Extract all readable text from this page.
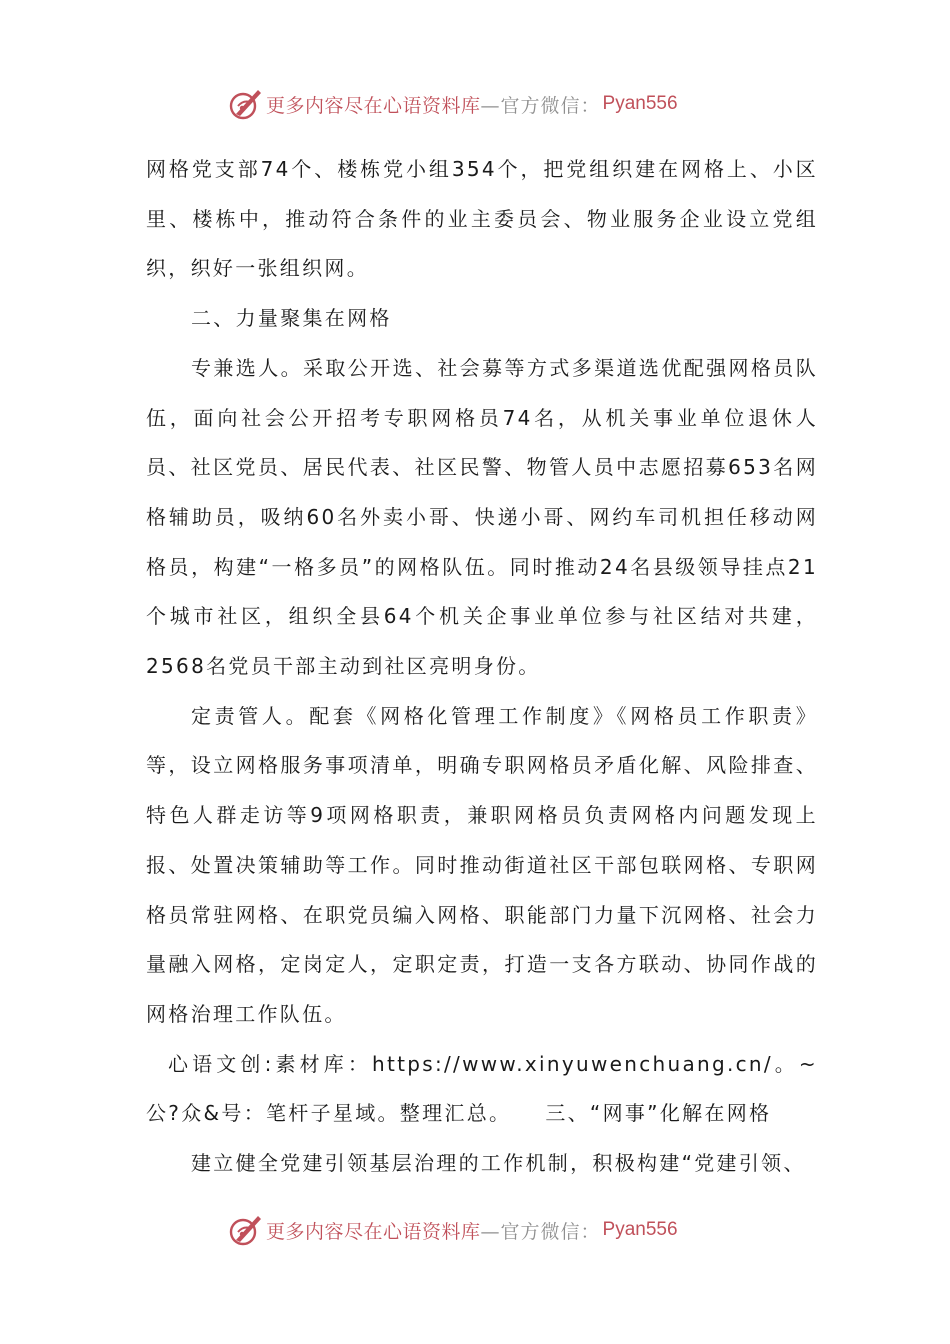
更多内容尽在心语资料库 —官方微信： Pyan556

网格党支部74个、楼栋党小组354个，把党组织建在网格上、小区里、楼栋中，推动符合条件的业主委员会、物业服务企业设立党组织，织好一张组织网。

二、力量聚集在网格

专兼选人。采取公开选、社会募等方式多渠道选优配强网格员队伍，面向社会公开招考专职网格员74名，从机关事业单位退休人员、社区党员、居民代表、社区民警、物管人员中志愿招募653名网格辅助员，吸纳60名外卖小哥、快递小哥、网约车司机担任移动网格员，构建“一格多员”的网格队伍。同时推动24名县级领导挂点21个城市社区，组织全县64个机关企事业单位参与社区结对共建，2568名党员干部主动到社区亮明身份。

定责管人。配套《网格化管理工作制度》《网格员工作职责》等，设立网格服务事项清单，明确专职网格员矛盾化解、风险排查、特色人群走访等9项网格职责，兼职网格员负责网格内问题发现上报、处置决策辅助等工作。同时推动街道社区干部包联网格、专职网格员常驻网格、在职党员编入网格、职能部门力量下沉网格、社会力量融入网格，定岗定人，定职定责，打造一支各方联动、协同作战的网格治理工作队伍。

心语文创:素材库：https://www.xinyuwenchuang.cn/。~公?众&号：笔杆子星域。整理汇总。 三、“网事”化解在网格

建立健全党建引领基层治理的工作机制，积极构建“党建引领、

更多内容尽在心语资料库 —官方微信： Pyan556
